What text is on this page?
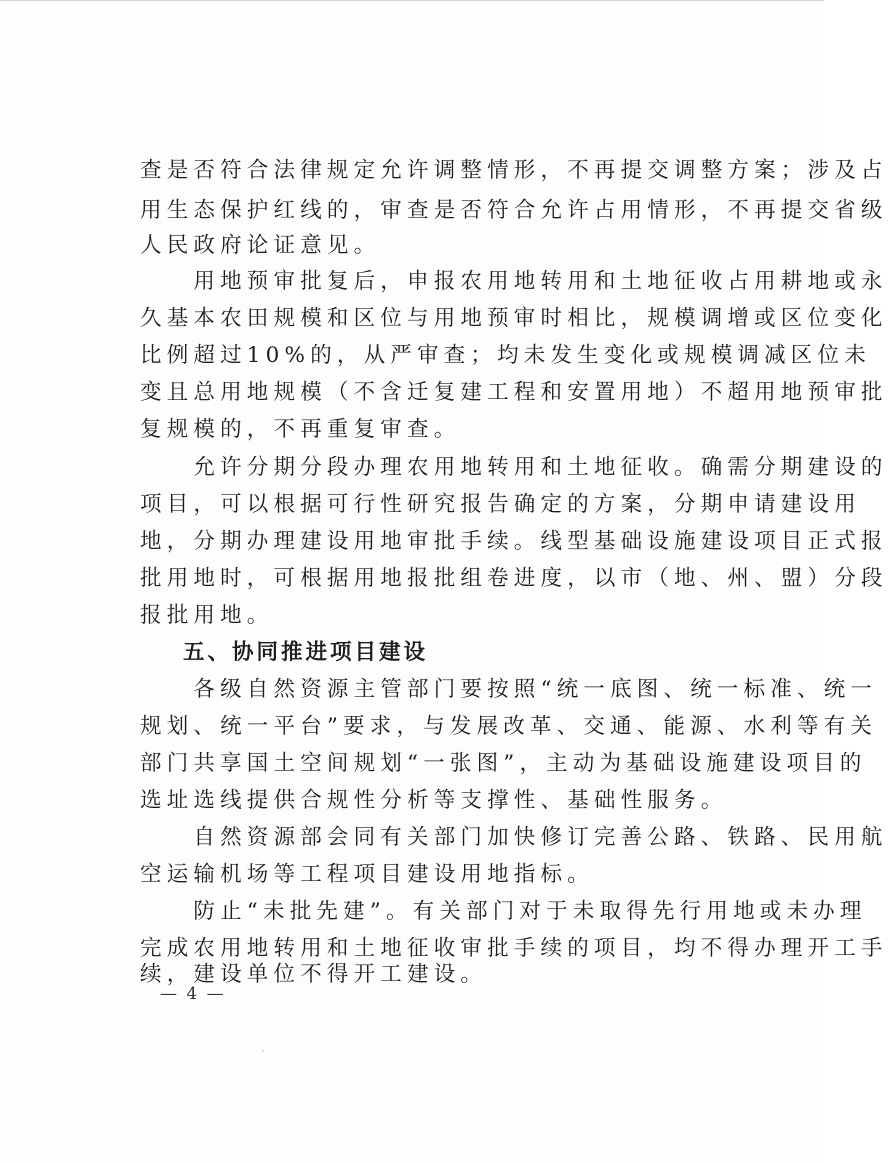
查是否符合法律规定允许调整情形，不再提交调整方案；涉及占
用生态保护红线的，审查是否符合允许占用情形，不再提交省级
人民政府论证意见。
　　用地预审批复后，申报农用地转用和土地征收占用耕地或永
久基本农田规模和区位与用地预审时相比，规模调增或区位变化
比例超过10%的，从严审查；均未发生变化或规模调减区位未
变且总用地规模（不含迁复建工程和安置用地）不超用地预审批
复规模的，不再重复审查。
　　允许分期分段办理农用地转用和土地征收。确需分期建设的
项目，可以根据可行性研究报告确定的方案，分期申请建设用
地，分期办理建设用地审批手续。线型基础设施建设项目正式报
批用地时，可根据用地报批组卷进度，以市（地、州、盟）分段
报批用地。
五、协同推进项目建设
　　各级自然资源主管部门要按照“统一底图、统一标准、统一
规划、统一平台”要求，与发展改革、交通、能源、水利等有关
部门共享国土空间规划“一张图”，主动为基础设施建设项目的
选址选线提供合规性分析等支撑性、基础性服务。
　　自然资源部会同有关部门加快修订完善公路、铁路、民用航
空运输机场等工程项目建设用地指标。
　　防止“未批先建”。有关部门对于未取得先行用地或未办理
完成农用地转用和土地征收审批手续的项目，均不得办理开工手
续，建设单位不得开工建设。
— 4 —
